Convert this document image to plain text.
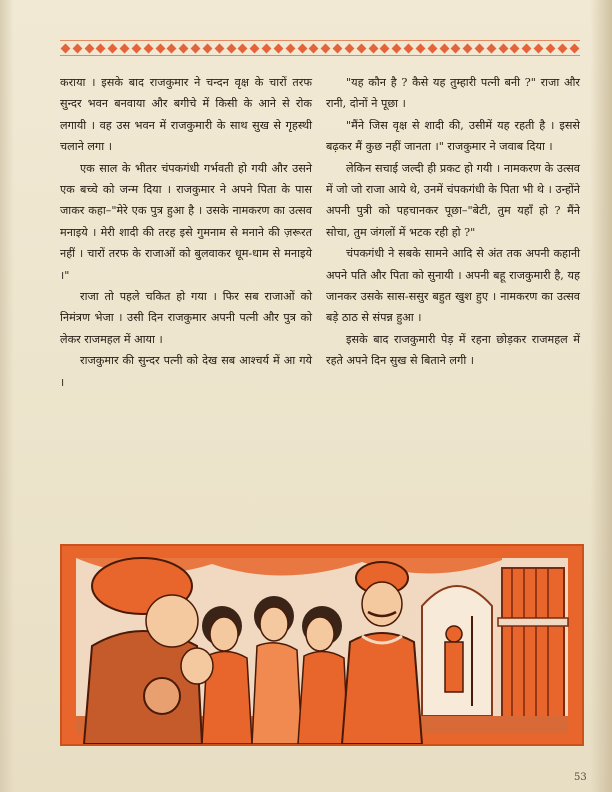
कराया । इसके बाद राजकुमार ने चन्दन वृक्ष के चारों तरफ सुन्दर भवन बनवाया और बगीचे में किसी के आने से रोक लगायी । वह उस भवन में राजकुमारी के साथ सुख से गृहस्थी चलाने लगा ।

एक साल के भीतर चंपकगंधी गर्भवती हो गयी और उसने एक बच्चे को जन्म दिया । राजकुमार ने अपने पिता के पास जाकर कहा–"मेरे एक पुत्र हुआ है । उसके नामकरण का उत्सव मनाइये । मेरी शादी की तरह इसे गुमनाम से मनाने की ज़रूरत नहीं । चारों तरफ के राजाओं को बुलवाकर धूम-धाम से मनाइये ।"

राजा तो पहले चकित हो गया । फिर सब राजाओं को निमंत्रण भेजा । उसी दिन राजकुमार अपनी पत्नी और पुत्र को लेकर राजमहल में आया ।

राजकुमार की सुन्दर पत्नी को देख सब आश्चर्य में आ गये ।

"यह कौन है ? कैसे यह तुम्हारी पत्नी बनी ?" राजा और रानी, दोनों ने पूछा ।

"मैंने जिस वृक्ष से शादी की, उसीमें यह रहती है । इससे बढ़कर मैं कुछ नहीं जानता ।" राजकुमार ने जवाब दिया ।

लेकिन सचाई जल्दी ही प्रकट हो गयी । नामकरण के उत्सव में जो जो राजा आये थे, उनमें चंपकगंधी के पिता भी थे । उन्होंने अपनी पुत्री को पहचानकर पूछा–"बेटी, तुम यहाँ हो ? मैंने सोचा, तुम जंगलों में भटक रही हो ?"

चंपकगंधी ने सबके सामने आदि से अंत तक अपनी कहानी अपने पति और पिता को सुनायी । अपनी बहू राजकुमारी है, यह जानकर उसके सास-ससुर बहुत खुश हुए । नामकरण का उत्सव बड़े ठाठ से संपन्न हुआ ।

इसके बाद राजकुमारी पेड़ में रहना छोड़कर राजमहल में रहते अपने दिन सुख से बिताने लगी ।

53
